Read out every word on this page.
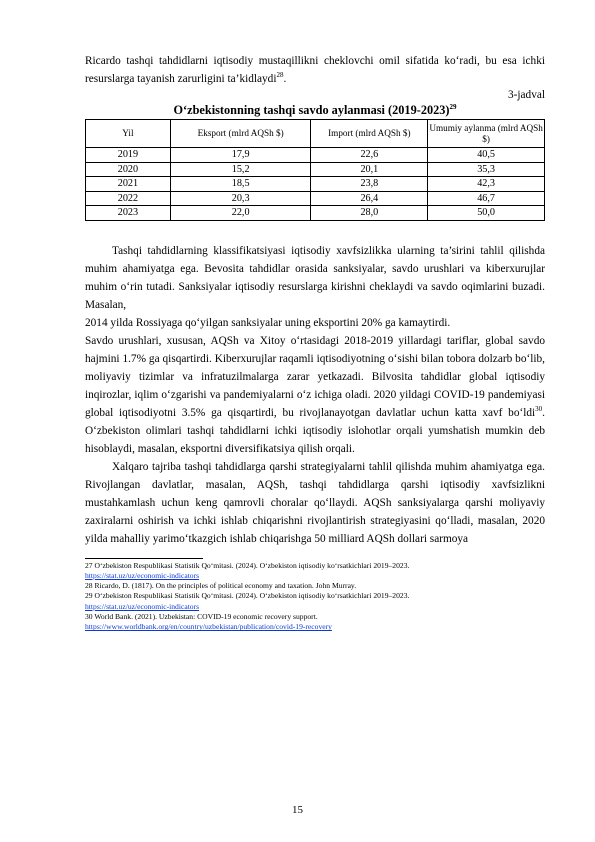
Ricardo tashqi tahdidlarni iqtisodiy mustaqillikni cheklovchi omil sifatida ko‘radi, bu esa ichki resurslarga tayanish zarurligini ta’kidlaydi$^{28}$.

3-jadval

O‘zbekistonning tashqi savdo aylanmasi (2019-2023)$^{29}$

Yil	Eksport (mlrd AQSh $)	Import (mlrd AQSh $)	Umumiy aylanma (mlrd AQSh $)
2019	17,9	22,6	40,5
2020	15,2	20,1	35,3
2021	18,5	23,8	42,3
2022	20,3	26,4	46,7
2023	22,0	28,0	50,0

Tashqi tahdidlarning klassifikatsiyasi iqtisodiy xavfsizlikka ularning ta’sirini tahlil qilishda muhim ahamiyatga ega. Bevosita tahdidlar orasida sanksiyalar, savdo urushlari va kiberxurujlar muhim o‘rin tutadi. Sanksiyalar iqtisodiy resurslarga kirishni cheklaydi va savdo oqimlarini buzadi. Masalan,

2014 yilda Rossiyaga qo‘yilgan sanksiyalar uning eksportini 20% ga kamaytirdi.

Savdo urushlari, xususan, AQSh va Xitoy o‘rtasidagi 2018-2019 yillardagi tariflar, global savdo hajmini 1.7% ga qisqartirdi. Kiberxurujlar raqamli iqtisodiyotning o‘sishi bilan tobora dolzarb bo‘lib, moliyaviy tizimlar va infratuzilmalarga zarar yetkazadi. Bilvosita tahdidlar global iqtisodiy inqirozlar, iqlim o‘zgarishi va pandemiyalarni o‘z ichiga oladi. 2020 yildagi COVID-19 pandemiyasi global iqtisodiyotni 3.5% ga qisqartirdi, bu rivojlanayotgan davlatlar uchun katta xavf bo‘ldi$^{30}$. O‘zbekiston olimlari tashqi tahdidlarni ichki iqtisodiy islohotlar orqali yumshatish mumkin deb hisoblaydi, masalan, eksportni diversifikatsiya qilish orqali.

Xalqaro tajriba tashqi tahdidlarga qarshi strategiyalarni tahlil qilishda muhim ahamiyatga ega. Rivojlangan davlatlar, masalan, AQSh, tashqi tahdidlarga qarshi iqtisodiy xavfsizlikni mustahkamlash uchun keng qamrovli choralar qo‘llaydi. AQSh sanksiyalarga qarshi moliyaviy zaxiralarni oshirish va ichki ishlab chiqarishni rivojlantirish strategiyasini qo‘lladi, masalan, 2020 yilda mahalliy yarimo‘tkazgich ishlab chiqarishga 50 milliard AQSh dollari sarmoya

27 O‘zbekiston Respublikasi Statistik Qo‘mitasi. (2024). O‘zbekiston iqtisodiy ko‘rsatkichlari 2019–2023.
https://stat.uz/uz/economic-indicators

28 Ricardo, D. (1817). On the principles of political economy and taxation. John Murray.

29 O‘zbekiston Respublikasi Statistik Qo‘mitasi. (2024). O‘zbekiston iqtisodiy ko‘rsatkichlari 2019–2023.
https://stat.uz/uz/economic-indicators

30 World Bank. (2021). Uzbekistan: COVID-19 economic recovery support.
https://www.worldbank.org/en/country/uzbekistan/publication/covid-19-recovery

15
